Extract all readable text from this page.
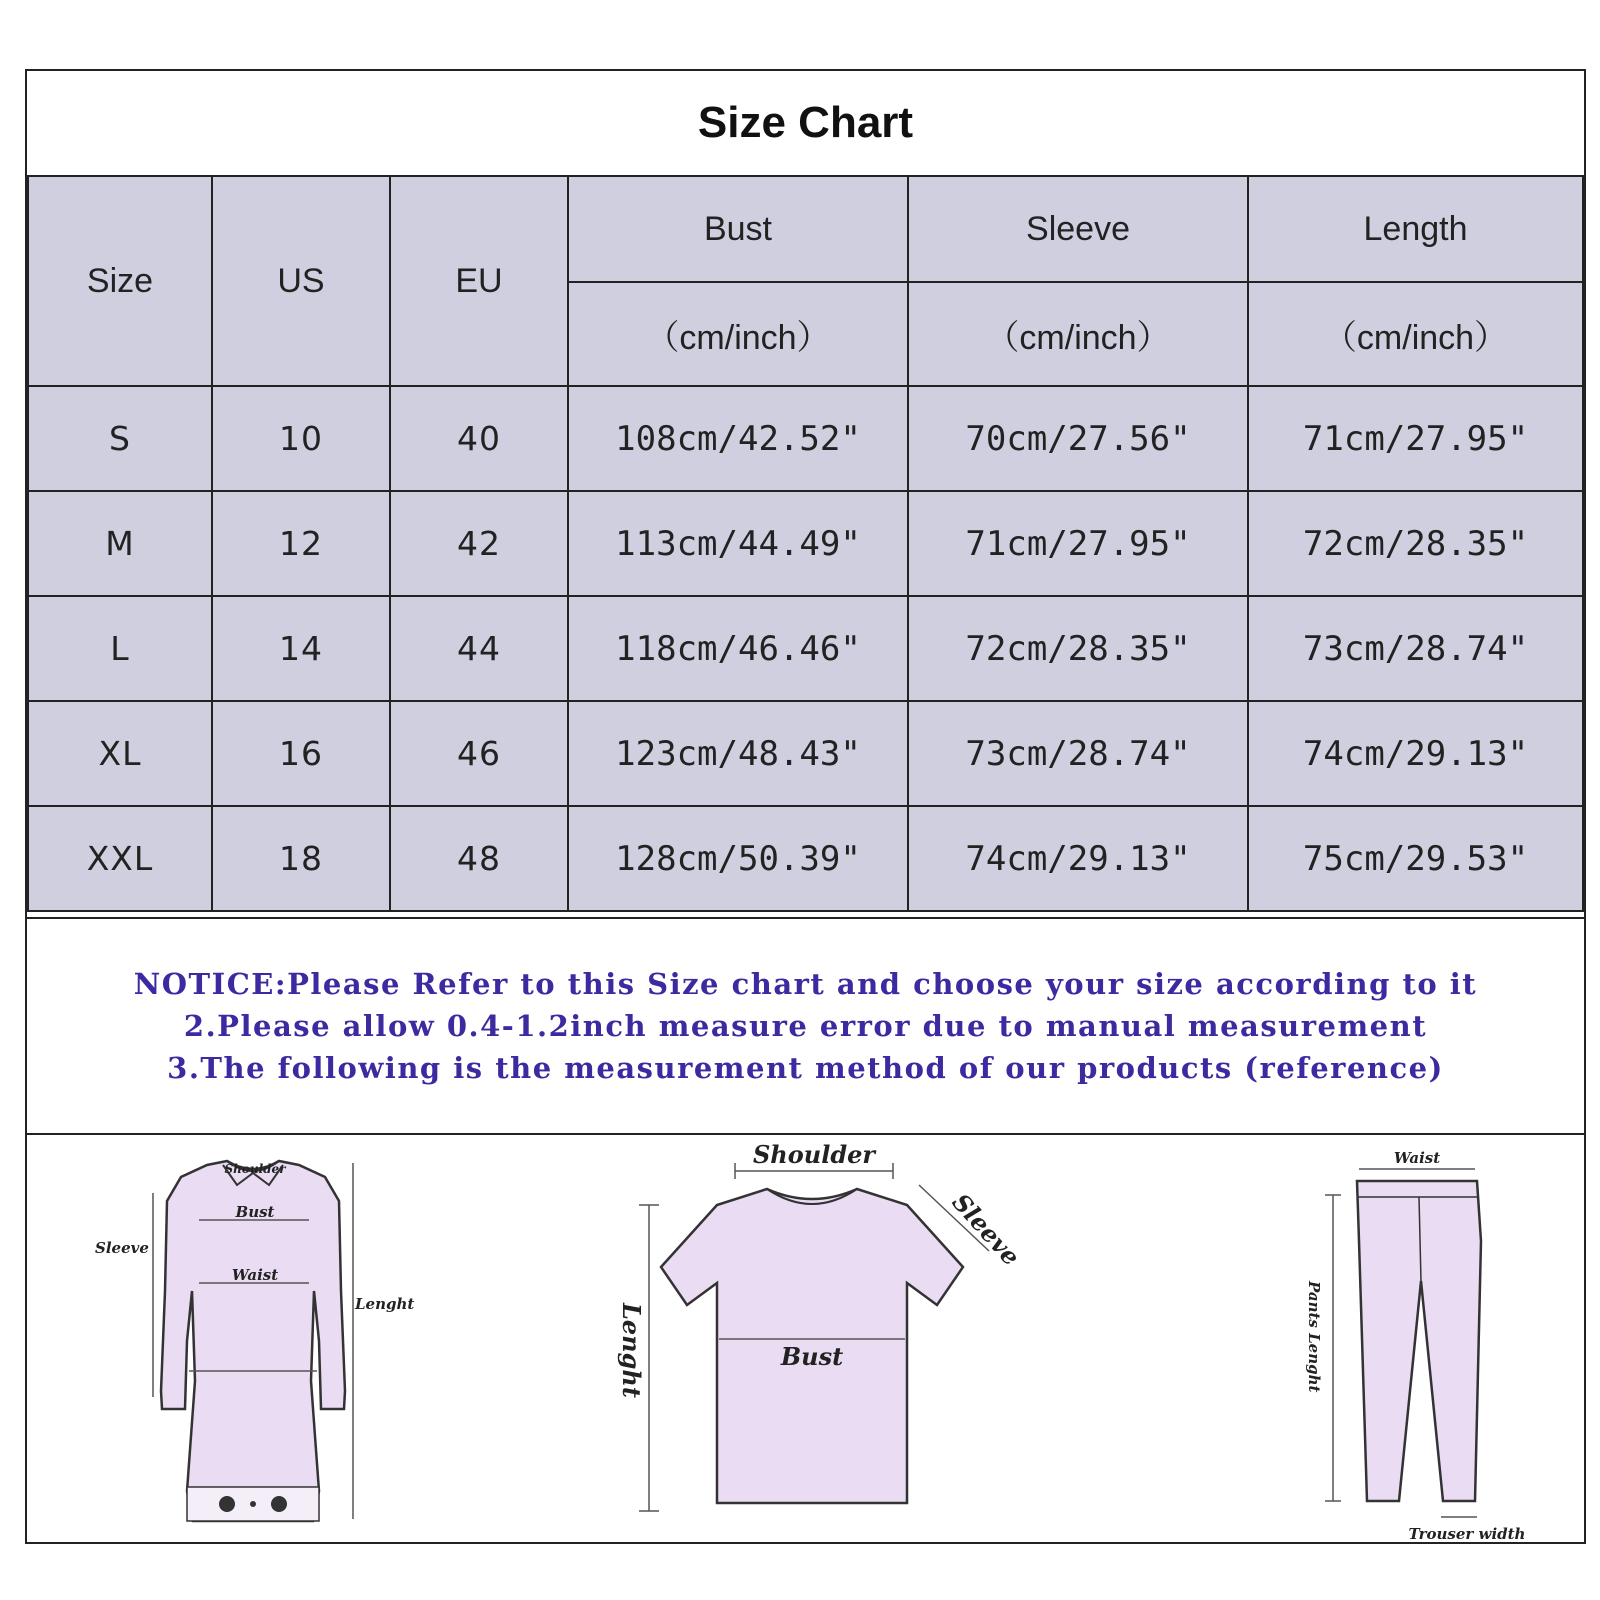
Size Chart
Size	US	EU	Bust	Sleeve	Length
			（cm/inch）	（cm/inch）	（cm/inch）
S	10	40	108cm/42.52"	70cm/27.56"	71cm/27.95"
M	12	42	113cm/44.49"	71cm/27.95"	72cm/28.35"
L	14	44	118cm/46.46"	72cm/28.35"	73cm/28.74"
XL	16	46	123cm/48.43"	73cm/28.74"	74cm/29.13"
XXL	18	48	128cm/50.39"	74cm/29.13"	75cm/29.53"
NOTICE:Please Refer to this Size chart and choose your size according to it
2.Please allow 0.4-1.2inch measure error due to manual measurement
3.The following is the measurement method of our products (reference)
Shoulder
Bust
Waist
Sleeve
Lenght
Shoulder
Bust
Sleeve
Lenght
Waist
Pants Lenght
Trouser width
